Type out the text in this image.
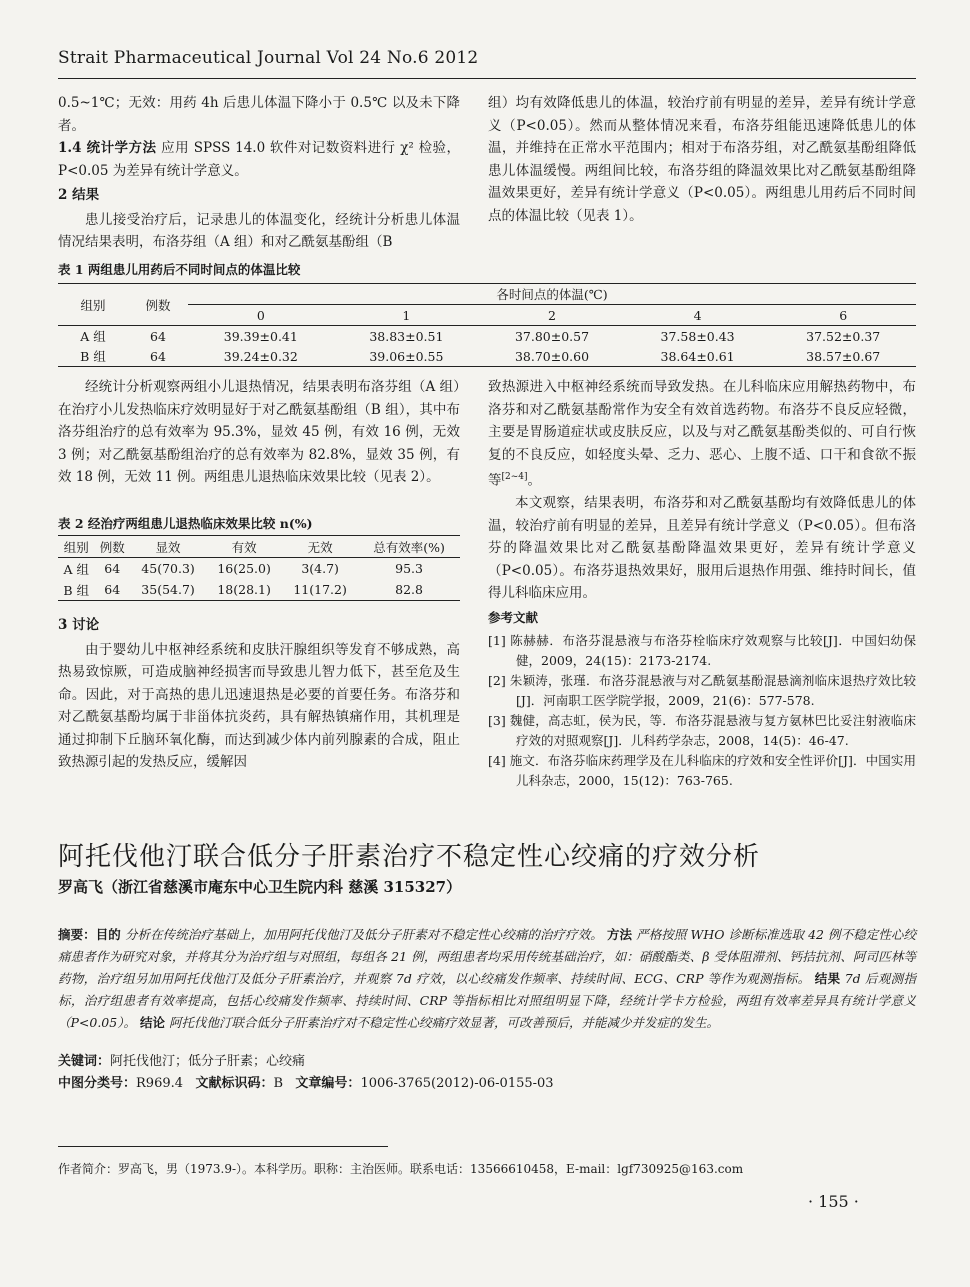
Strait Pharmaceutical Journal Vol 24 No.6 2012

0.5~1℃；无效：用药 4h 后患儿体温下降小于 0.5℃ 以及未下降者。

1.4 统计学方法 应用 SPSS 14.0 软件对记数资料进行 χ² 检验，P<0.05 为差异有统计学意义。

2 结果

患儿接受治疗后，记录患儿的体温变化，经统计分析患儿体温情况结果表明，布洛芬组（A 组）和对乙酰氨基酚组（B

组）均有效降低患儿的体温，较治疗前有明显的差异，差异有统计学意义（P<0.05）。然而从整体情况来看，布洛芬组能迅速降低患儿的体温，并维持在正常水平范围内；相对于布洛芬组，对乙酰氨基酚组降低患儿体温缓慢。两组间比较，布洛芬组的降温效果比对乙酰氨基酚组降温效果更好，差异有统计学意义（P<0.05）。两组患儿用药后不同时间点的体温比较（见表 1）。

表 1 两组患儿用药后不同时间点的体温比较
组别	例数	各时间点的体温(℃)				
		0	1	2	4	6
A 组	64	39.39±0.41	38.83±0.51	37.80±0.57	37.58±0.43	37.52±0.37
B 组	64	39.24±0.32	39.06±0.55	38.70±0.60	38.64±0.61	38.57±0.67

经统计分析观察两组小儿退热情况，结果表明布洛芬组（A 组）在治疗小儿发热临床疗效明显好于对乙酰氨基酚组（B 组），其中布洛芬组治疗的总有效率为 95.3%，显效 45 例，有效 16 例，无效 3 例；对乙酰氨基酚组治疗的总有效率为 82.8%，显效 35 例，有效 18 例，无效 11 例。两组患儿退热临床效果比较（见表 2）。

表 2 经治疗两组患儿退热临床效果比较 n(%)
组别	例数	显效	有效	无效	总有效率(%)
A 组	64	45(70.3)	16(25.0)	3(4.7)	95.3
B 组	64	35(54.7)	18(28.1)	11(17.2)	82.8

3 讨论

由于婴幼儿中枢神经系统和皮肤汗腺组织等发育不够成熟，高热易致惊厥，可造成脑神经损害而导致患儿智力低下，甚至危及生命。因此，对于高热的患儿迅速退热是必要的首要任务。布洛芬和对乙酰氨基酚均属于非甾体抗炎药，具有解热镇痛作用，其机理是通过抑制下丘脑环氧化酶，而达到减少体内前列腺素的合成，阻止致热源引起的发热反应，缓解因

致热源进入中枢神经系统而导致发热。在儿科临床应用解热药物中，布洛芬和对乙酰氨基酚常作为安全有效首选药物。布洛芬不良反应轻微，主要是胃肠道症状或皮肤反应，以及与对乙酰氨基酚类似的、可自行恢复的不良反应，如轻度头晕、乏力、恶心、上腹不适、口干和食欲不振等[2~4]。

本文观察，结果表明，布洛芬和对乙酰氨基酚均有效降低患儿的体温，较治疗前有明显的差异，且差异有统计学意义（P<0.05）。但布洛芬的降温效果比对乙酰氨基酚降温效果更好，差异有统计学意义（P<0.05）。布洛芬退热效果好，服用后退热作用强、维持时间长，值得儿科临床应用。

参考文献

[1] 陈赫赫．布洛芬混悬液与布洛芬栓临床疗效观察与比较[J]．中国妇幼保健，2009，24(15)：2173-2174.

[2] 朱颖涛，张瑾．布洛芬混悬液与对乙酰氨基酚混悬滴剂临床退热疗效比较[J]．河南职工医学院学报，2009，21(6)：577-578.

[3] 魏健，高志虹，侯为民，等．布洛芬混悬液与复方氨林巴比妥注射液临床疗效的对照观察[J]．儿科药学杂志，2008，14(5)：46-47.

[4] 施文．布洛芬临床药理学及在儿科临床的疗效和安全性评价[J]．中国实用儿科杂志，2000，15(12)：763-765.

阿托伐他汀联合低分子肝素治疗不稳定性心绞痛的疗效分析
罗高飞（浙江省慈溪市庵东中心卫生院内科 慈溪 315327）
摘要：目的 分析在传统治疗基础上，加用阿托伐他汀及低分子肝素对不稳定性心绞痛的治疗疗效。 方法 严格按照 WHO 诊断标准选取 42 例不稳定性心绞痛患者作为研究对象，并将其分为治疗组与对照组，每组各 21 例，两组患者均采用传统基础治疗，如：硝酸酯类、β 受体阻滞剂、钙拮抗剂、阿司匹林等药物，治疗组另加用阿托伐他汀及低分子肝素治疗，并观察 7d 疗效，以心绞痛发作频率、持续时间、ECG、CRP 等作为观测指标。 结果 7d 后观测指标，治疗组患者有效率提高，包括心绞痛发作频率、持续时间、CRP 等指标相比对照组明显下降，经统计学卡方检验，两组有效率差异具有统计学意义（P<0.05）。 结论 阿托伐他汀联合低分子肝素治疗对不稳定性心绞痛疗效显著，可改善预后，并能减少并发症的发生。
关键词：阿托伐他汀；低分子肝素；心绞痛
中图分类号：R969.4 文献标识码：B 文章编号：1006-3765(2012)-06-0155-03
作者简介：罗高飞，男（1973.9-）。本科学历。职称：主治医师。联系电话：13566610458，E-mail：lgf730925@163.com
· 155 ·
